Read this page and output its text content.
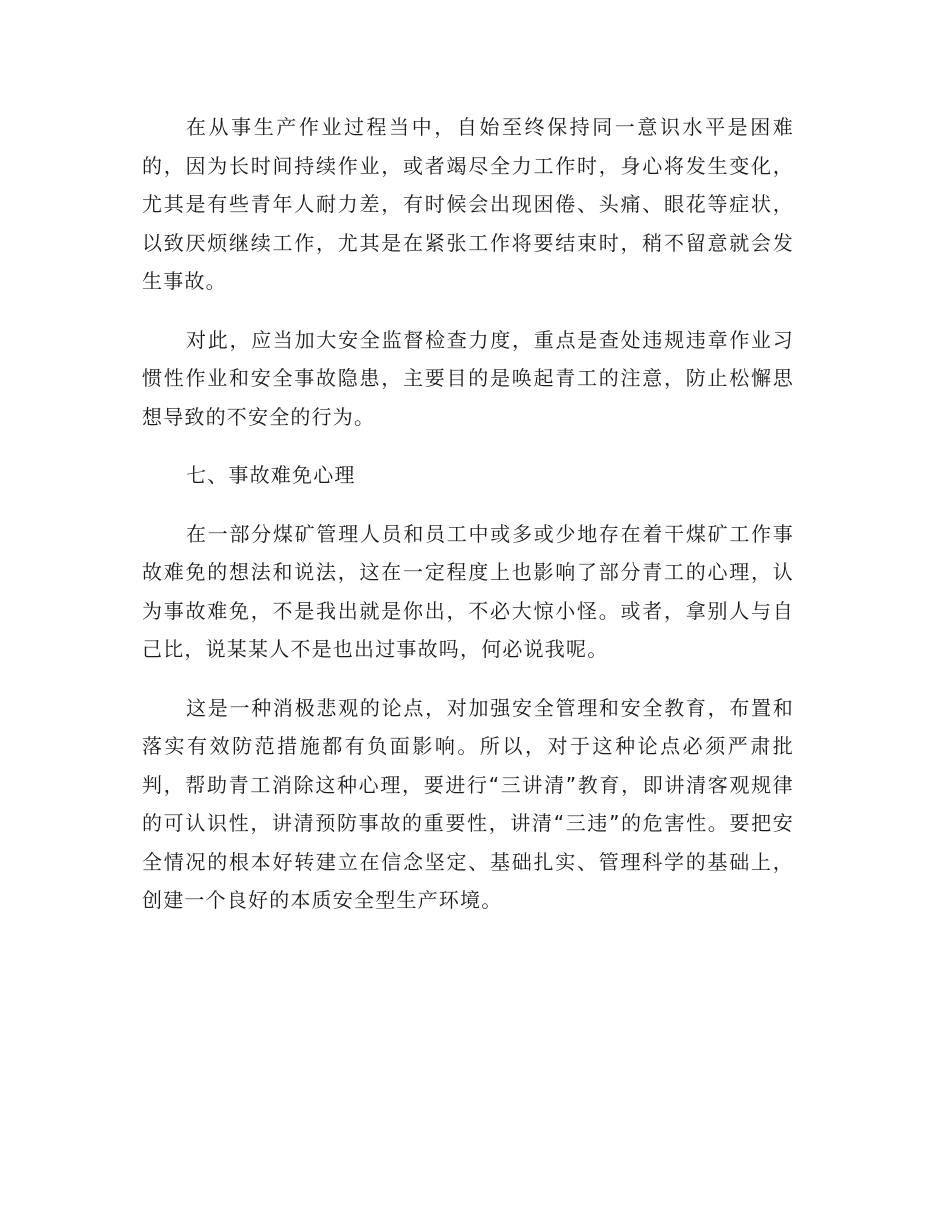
在从事生产作业过程当中，自始至终保持同一意识水平是困难的，因为长时间持续作业，或者竭尽全力工作时，身心将发生变化，尤其是有些青年人耐力差，有时候会出现困倦、头痛、眼花等症状，以致厌烦继续工作，尤其是在紧张工作将要结束时，稍不留意就会发生事故。

对此，应当加大安全监督检查力度，重点是查处违规违章作业习惯性作业和安全事故隐患，主要目的是唤起青工的注意，防止松懈思想导致的不安全的行为。

七、事故难免心理

在一部分煤矿管理人员和员工中或多或少地存在着干煤矿工作事故难免的想法和说法，这在一定程度上也影响了部分青工的心理，认为事故难免，不是我出就是你出，不必大惊小怪。或者，拿别人与自己比，说某某人不是也出过事故吗，何必说我呢。

这是一种消极悲观的论点，对加强安全管理和安全教育，布置和落实有效防范措施都有负面影响。所以，对于这种论点必须严肃批判，帮助青工消除这种心理，要进行“三讲清”教育，即讲清客观规律的可认识性，讲清预防事故的重要性，讲清“三违”的危害性。要把安全情况的根本好转建立在信念坚定、基础扎实、管理科学的基础上，创建一个良好的本质安全型生产环境。
